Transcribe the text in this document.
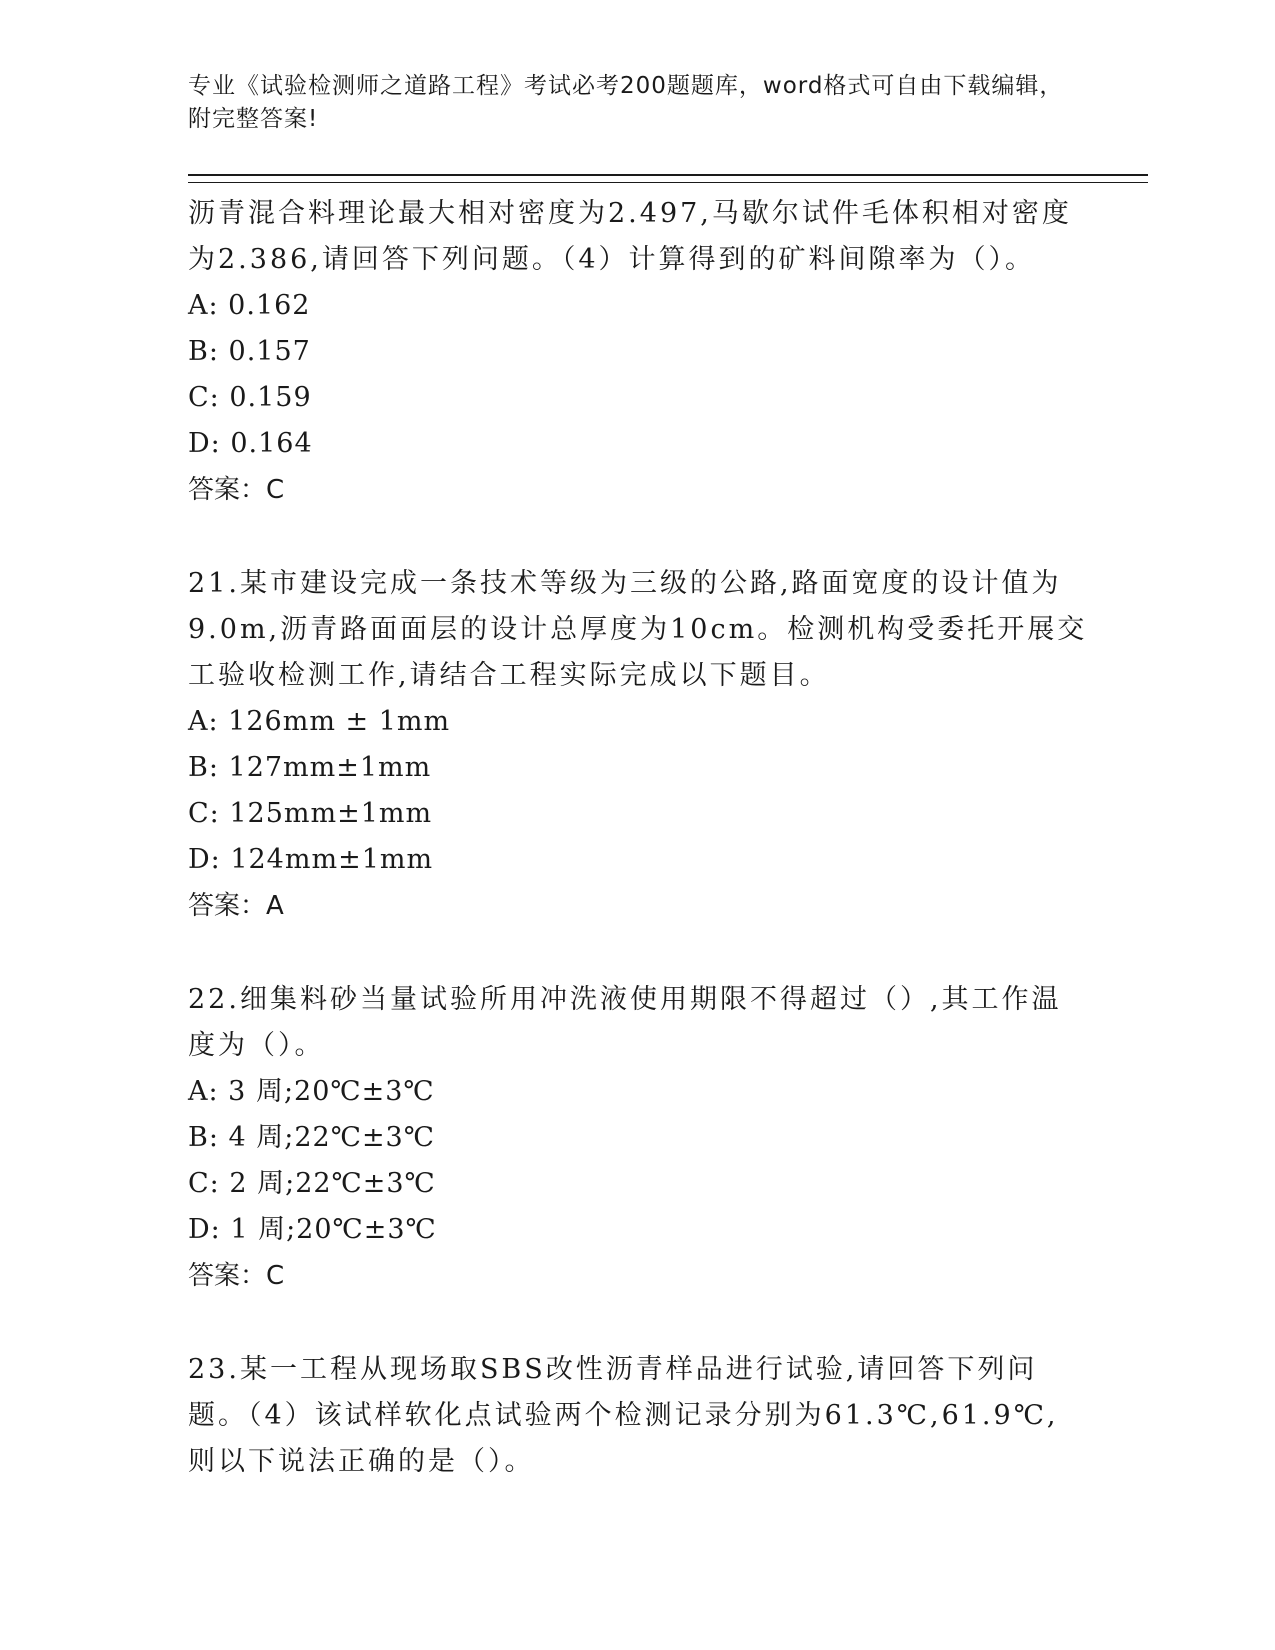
专业《试验检测师之道路工程》考试必考200题题库，word格式可自由下载编辑，附完整答案!

沥青混合料理论最大相对密度为2.497,马歇尔试件毛体积相对密度为2.386,请回答下列问题。（4）计算得到的矿料间隙率为（）。

A: 0.162

B: 0.157

C: 0.159

D: 0.164

答案：C

21.某市建设完成一条技术等级为三级的公路,路面宽度的设计值为9.0m,沥青路面面层的设计总厚度为10cm。检测机构受委托开展交工验收检测工作,请结合工程实际完成以下题目。

A: 126mm ± 1mm

B: 127mm±1mm

C: 125mm±1mm

D: 124mm±1mm

答案：A

22.细集料砂当量试验所用冲洗液使用期限不得超过（）,其工作温度为（）。

A: 3 周;20℃±3℃

B: 4 周;22℃±3℃

C: 2 周;22℃±3℃

D: 1 周;20℃±3℃

答案：C

23.某一工程从现场取SBS改性沥青样品进行试验,请回答下列问题。（4）该试样软化点试验两个检测记录分别为61.3℃,61.9℃,则以下说法正确的是（）。
